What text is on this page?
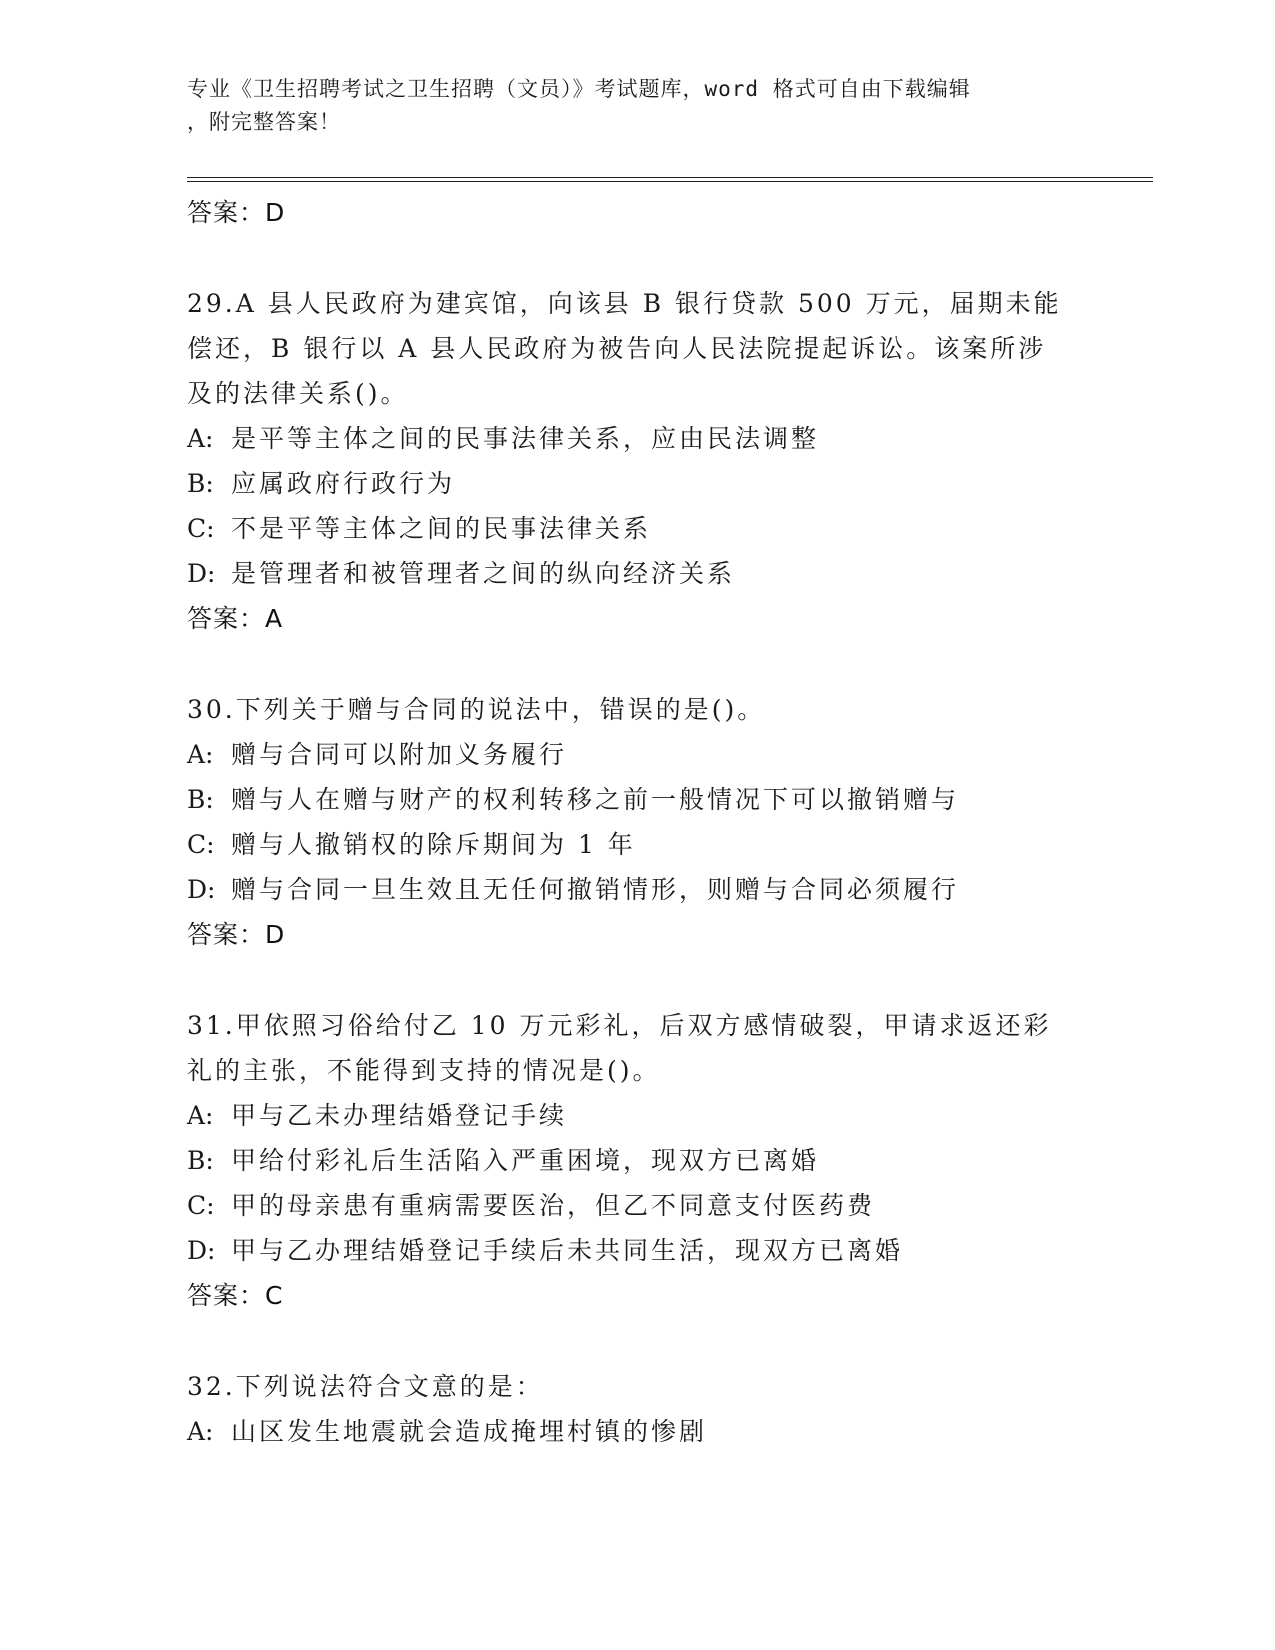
专业《卫生招聘考试之卫生招聘（文员）》考试题库，word 格式可自由下载编辑
，附完整答案！
答案：D
29.A 县人民政府为建宾馆，向该县 B 银行贷款 500 万元，届期未能偿还，B 银行以 A 县人民政府为被告向人民法院提起诉讼。该案所涉及的法律关系()。
A: 是平等主体之间的民事法律关系，应由民法调整
B: 应属政府行政行为
C: 不是平等主体之间的民事法律关系
D: 是管理者和被管理者之间的纵向经济关系
答案：A
30.下列关于赠与合同的说法中，错误的是()。
A: 赠与合同可以附加义务履行
B: 赠与人在赠与财产的权利转移之前一般情况下可以撤销赠与
C: 赠与人撤销权的除斥期间为 1 年
D: 赠与合同一旦生效且无任何撤销情形，则赠与合同必须履行
答案：D
31.甲依照习俗给付乙 10 万元彩礼，后双方感情破裂，甲请求返还彩礼的主张，不能得到支持的情况是()。
A: 甲与乙未办理结婚登记手续
B: 甲给付彩礼后生活陷入严重困境，现双方已离婚
C: 甲的母亲患有重病需要医治，但乙不同意支付医药费
D: 甲与乙办理结婚登记手续后未共同生活，现双方已离婚
答案：C
32.下列说法符合文意的是：
A: 山区发生地震就会造成掩埋村镇的惨剧
